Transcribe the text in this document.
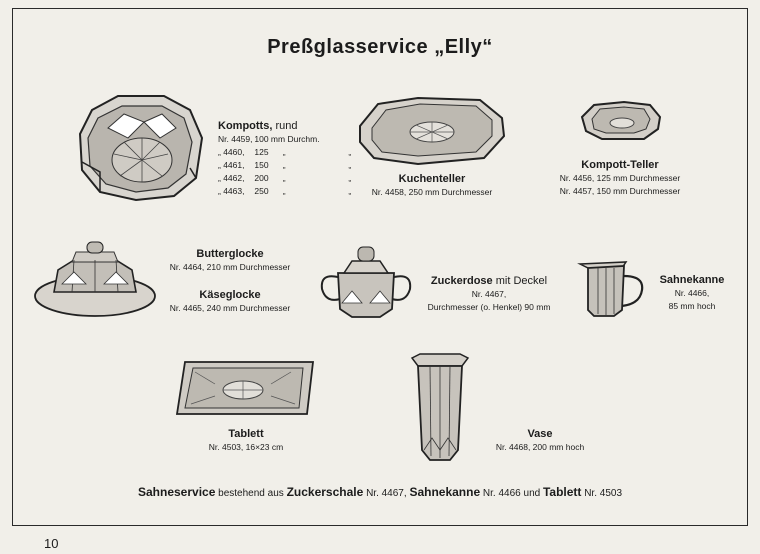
Preßglasservice „Elly“
Kompotts, rund
Nr. 4459,
100 mm Durchm.
„ 4460,
	125 „	„
„ 4461,
	150 „	„
„ 4462,
	200 „	„
„ 4463,
	250 „	„
Kuchenteller
Nr. 4458, 250 mm Durchmesser
Kompott-Teller
Nr. 4456, 125 mm Durchmesser
Nr. 4457, 150 mm Durchmesser
Butterglocke
Nr. 4464, 210 mm Durchmesser
Käseglocke
Nr. 4465, 240 mm Durchmesser
Zuckerdose mit Deckel
Nr. 4467,
Durchmesser (o. Henkel) 90 mm
Sahnekanne
Nr. 4466,
85 mm hoch
Tablett
Nr. 4503, 16×23 cm
Vase
Nr. 4468, 200 mm hoch
Sahneservice bestehend aus Zuckerschale Nr. 4467, Sahnekanne Nr. 4466 und Tablett Nr. 4503
10
